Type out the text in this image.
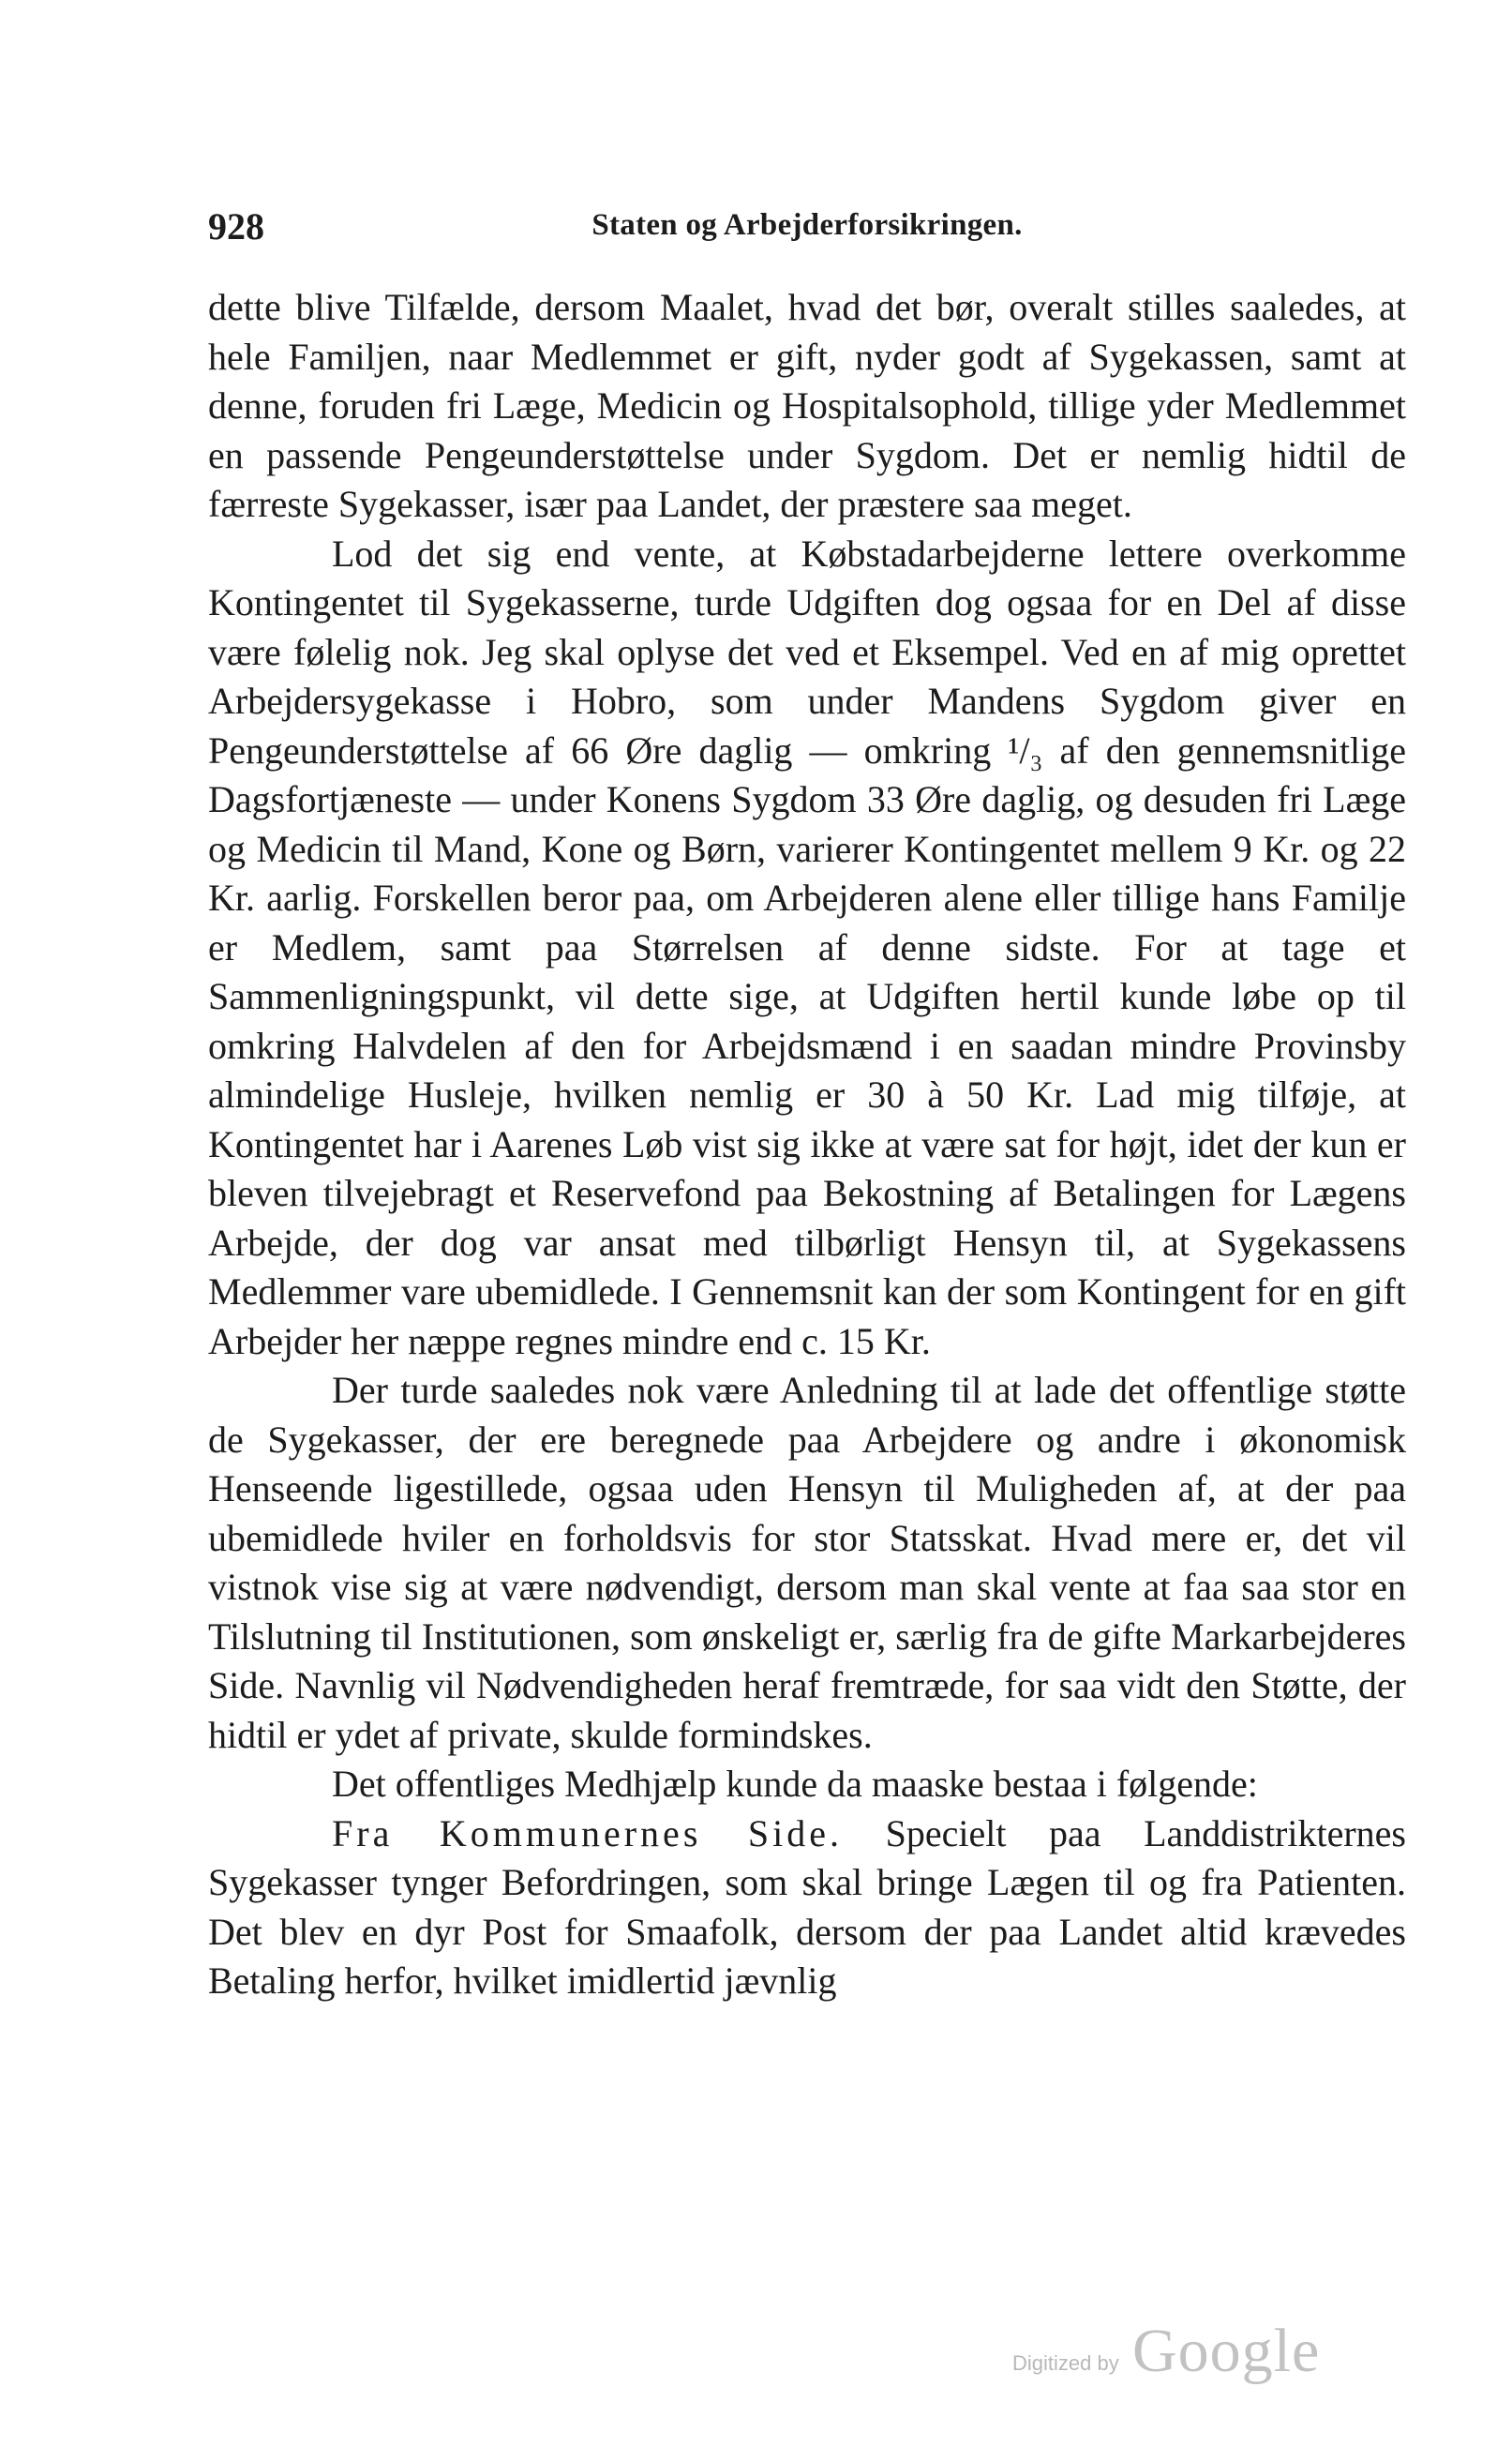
928	Staten og Arbejderforsikringen.

dette blive Tilfælde, dersom Maalet, hvad det bør, overalt stilles saaledes, at hele Familjen, naar Medlemmet er gift, nyder godt af Sygekassen, samt at denne, foruden fri Læge, Medicin og Hospitalsophold, tillige yder Medlemmet en passende Pengeunderstøttelse under Sygdom. Det er nemlig hidtil de færreste Sygekasser, især paa Landet, der præstere saa meget.

Lod det sig end vente, at Købstadarbejderne lettere overkomme Kontingentet til Sygekasserne, turde Udgiften dog ogsaa for en Del af disse være følelig nok. Jeg skal oplyse det ved et Eksempel. Ved en af mig oprettet Arbejdersygekasse i Hobro, som under Mandens Sygdom giver en Pengeunderstøttelse af 66 Øre daglig — omkring ¹/₃ af den gennemsnitlige Dagsfortjæneste — under Konens Sygdom 33 Øre daglig, og desuden fri Læge og Medicin til Mand, Kone og Børn, varierer Kontingentet mellem 9 Kr. og 22 Kr. aarlig. Forskellen beror paa, om Arbejderen alene eller tillige hans Familje er Medlem, samt paa Størrelsen af denne sidste. For at tage et Sammenligningspunkt, vil dette sige, at Udgiften hertil kunde løbe op til omkring Halvdelen af den for Arbejdsmænd i en saadan mindre Provinsby almindelige Husleje, hvilken nemlig er 30 à 50 Kr. Lad mig tilføje, at Kontingentet har i Aarenes Løb vist sig ikke at være sat for højt, idet der kun er bleven tilvejebragt et Reservefond paa Bekostning af Betalingen for Lægens Arbejde, der dog var ansat med tilbørligt Hensyn til, at Sygekassens Medlemmer vare ubemidlede. I Gennemsnit kan der som Kontingent for en gift Arbejder her næppe regnes mindre end c. 15 Kr.

Der turde saaledes nok være Anledning til at lade det offentlige støtte de Sygekasser, der ere beregnede paa Arbejdere og andre i økonomisk Henseende ligestillede, ogsaa uden Hensyn til Muligheden af, at der paa ubemidlede hviler en forholdsvis for stor Statsskat. Hvad mere er, det vil vistnok vise sig at være nødvendigt, dersom man skal vente at faa saa stor en Tilslutning til Institutionen, som ønskeligt er, særlig fra de gifte Markarbejderes Side. Navnlig vil Nødvendigheden heraf fremtræde, for saa vidt den Støtte, der hidtil er ydet af private, skulde formindskes.

Det offentliges Medhjælp kunde da maaske bestaa i følgende:

Fra Kommunernes Side. Specielt paa Landdistrikternes Sygekasser tynger Befordringen, som skal bringe Lægen til og fra Patienten. Det blev en dyr Post for Smaafolk, dersom der paa Landet altid krævedes Betaling herfor, hvilket imidlertid jævnlig

Digitized by Google
